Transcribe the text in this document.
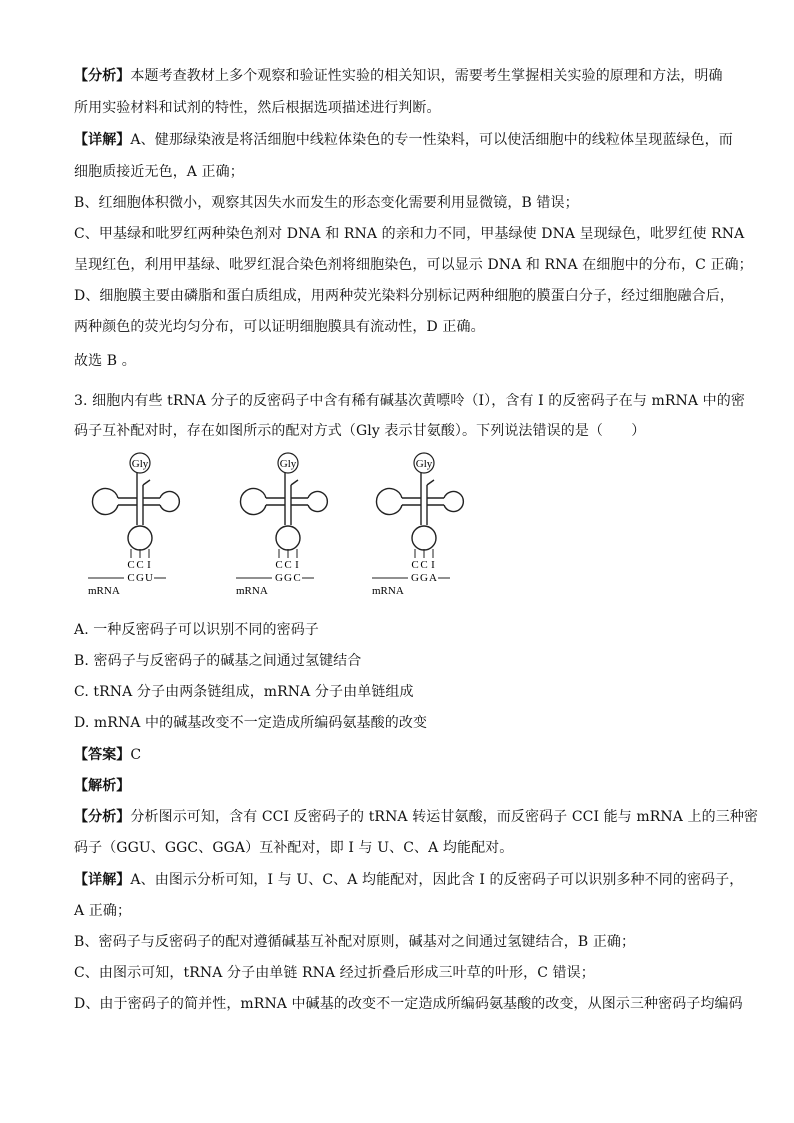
【分析】本题考查教材上多个观察和验证性实验的相关知识，需要考生掌握相关实验的原理和方法，明确
所用实验材料和试剂的特性，然后根据选项描述进行判断。
【详解】A、健那绿染液是将活细胞中线粒体染色的专一性染料，可以使活细胞中的线粒体呈现蓝绿色，而
细胞质接近无色，A 正确；
B、红细胞体积微小，观察其因失水而发生的形态变化需要利用显微镜，B 错误；
C、甲基绿和吡罗红两种染色剂对 DNA 和 RNA 的亲和力不同，甲基绿使 DNA 呈现绿色，吡罗红使 RNA
呈现红色，利用甲基绿、吡罗红混合染色剂将细胞染色，可以显示 DNA 和 RNA 在细胞中的分布，C 正确；
D、细胞膜主要由磷脂和蛋白质组成，用两种荧光染料分别标记两种细胞的膜蛋白分子，经过细胞融合后，
两种颜色的荧光均匀分布，可以证明细胞膜具有流动性，D 正确。
故选 B 。
3. 细胞内有些 tRNA 分子的反密码子中含有稀有碱基次黄嘌呤（I），含有 I 的反密码子在与 mRNA 中的密
码子互补配对时，存在如图所示的配对方式（Gly 表示甘氨酸）。下列说法错误的是（　　）
Gly
C C I
C G U
mRNA
Gly
C C I
G G C
mRNA
Gly
C C I
G G A
mRNA
A. 一种反密码子可以识别不同的密码子
B. 密码子与反密码子的碱基之间通过氢键结合
C. tRNA 分子由两条链组成，mRNA 分子由单链组成
D. mRNA 中的碱基改变不一定造成所编码氨基酸的改变
【答案】C
【解析】
【分析】分析图示可知，含有 CCI 反密码子的 tRNA 转运甘氨酸，而反密码子 CCI 能与 mRNA 上的三种密
码子（GGU、GGC、GGA）互补配对，即 I 与 U、C、A 均能配对。
【详解】A、由图示分析可知，I 与 U、C、A 均能配对，因此含 I 的反密码子可以识别多种不同的密码子，
A 正确；
B、密码子与反密码子的配对遵循碱基互补配对原则，碱基对之间通过氢键结合，B 正确；
C、由图示可知，tRNA 分子由单链 RNA 经过折叠后形成三叶草的叶形，C 错误；
D、由于密码子的简并性，mRNA 中碱基的改变不一定造成所编码氨基酸的改变，从图示三种密码子均编码
